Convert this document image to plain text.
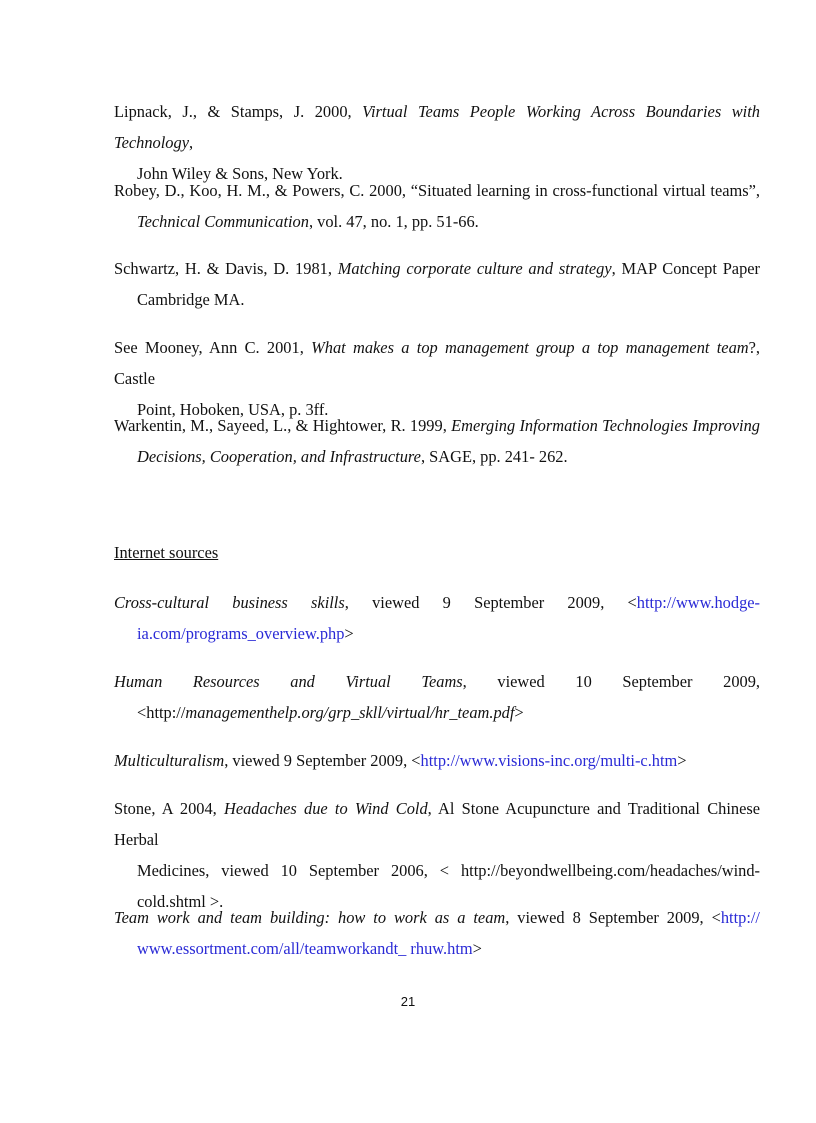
Lipnack, J., & Stamps, J. 2000, Virtual Teams People Working Across Boundaries with Technology,
John Wiley & Sons, New York.
Robey, D., Koo, H. M., & Powers, C. 2000, “Situated learning in cross-functional virtual teams”,
Technical Communication, vol. 47, no. 1, pp. 51-66.
Schwartz, H. & Davis, D. 1981, Matching corporate culture and strategy, MAP Concept Paper
Cambridge MA.
See Mooney, Ann C. 2001, What makes a top management group a top management team?, Castle
Point, Hoboken, USA, p. 3ff.
Warkentin, M., Sayeed, L., & Hightower, R. 1999, Emerging Information Technologies Improving
Decisions, Cooperation, and Infrastructure, SAGE, pp. 241- 262.
Internet sources
Cross-cultural business skills, viewed 9 September 2009, <http://www.hodge-
ia.com/programs_overview.php>
Human Resources and Virtual Teams, viewed 10 September 2009,
<http://managementhelp.org/grp_skll/virtual/hr_team.pdf>
Multiculturalism, viewed 9 September 2009, <http://www.visions-inc.org/multi-c.htm>
Stone, A 2004, Headaches due to Wind Cold, Al Stone Acupuncture and Traditional Chinese Herbal
Medicines, viewed 10 September 2006, < http://beyondwellbeing.com/headaches/wind-
cold.shtml >.
Team work and team building: how to work as a team, viewed 8 September 2009, <http://
www.essortment.com/all/teamworkandt_ rhuw.htm>
21
